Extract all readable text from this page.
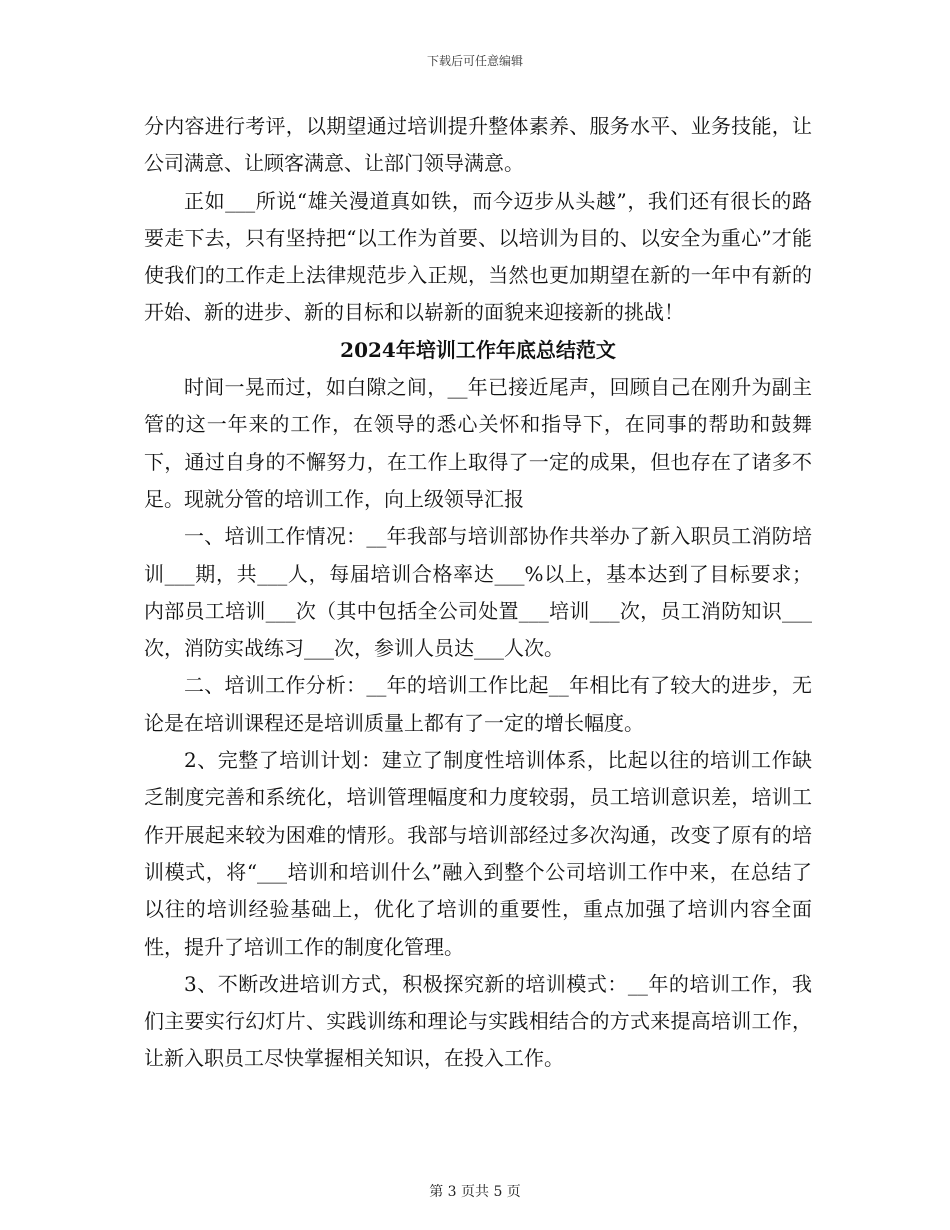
下载后可任意编辑

分内容进行考评，以期望通过培训提升整体素养、服务水平、业务技能，让公司满意、让顾客满意、让部门领导满意。

正如___所说“雄关漫道真如铁，而今迈步从头越”，我们还有很长的路要走下去，只有坚持把“以工作为首要、以培训为目的、以安全为重心”才能使我们的工作走上法律规范步入正规，当然也更加期望在新的一年中有新的开始、新的进步、新的目标和以崭新的面貌来迎接新的挑战！

2024年培训工作年底总结范文

时间一晃而过，如白隙之间，__年已接近尾声，回顾自己在刚升为副主管的这一年来的工作，在领导的悉心关怀和指导下，在同事的帮助和鼓舞下，通过自身的不懈努力，在工作上取得了一定的成果，但也存在了诸多不足。现就分管的培训工作，向上级领导汇报

一、培训工作情况：__年我部与培训部协作共举办了新入职员工消防培训___期，共___人，每届培训合格率达___%以上，基本达到了目标要求；内部员工培训___次（其中包括全公司处置___培训___次，员工消防知识___次，消防实战练习___次，参训人员达___人次。

二、培训工作分析：__年的培训工作比起__年相比有了较大的进步，无论是在培训课程还是培训质量上都有了一定的增长幅度。

2、完整了培训计划：建立了制度性培训体系，比起以往的培训工作缺乏制度完善和系统化，培训管理幅度和力度较弱，员工培训意识差，培训工作开展起来较为困难的情形。我部与培训部经过多次沟通，改变了原有的培训模式，将“___培训和培训什么”融入到整个公司培训工作中来，在总结了以往的培训经验基础上，优化了培训的重要性，重点加强了培训内容全面性，提升了培训工作的制度化管理。

3、不断改进培训方式，积极探究新的培训模式：__年的培训工作，我们主要实行幻灯片、实践训练和理论与实践相结合的方式来提高培训工作，让新入职员工尽快掌握相关知识，在投入工作。

第 3 页共 5 页
